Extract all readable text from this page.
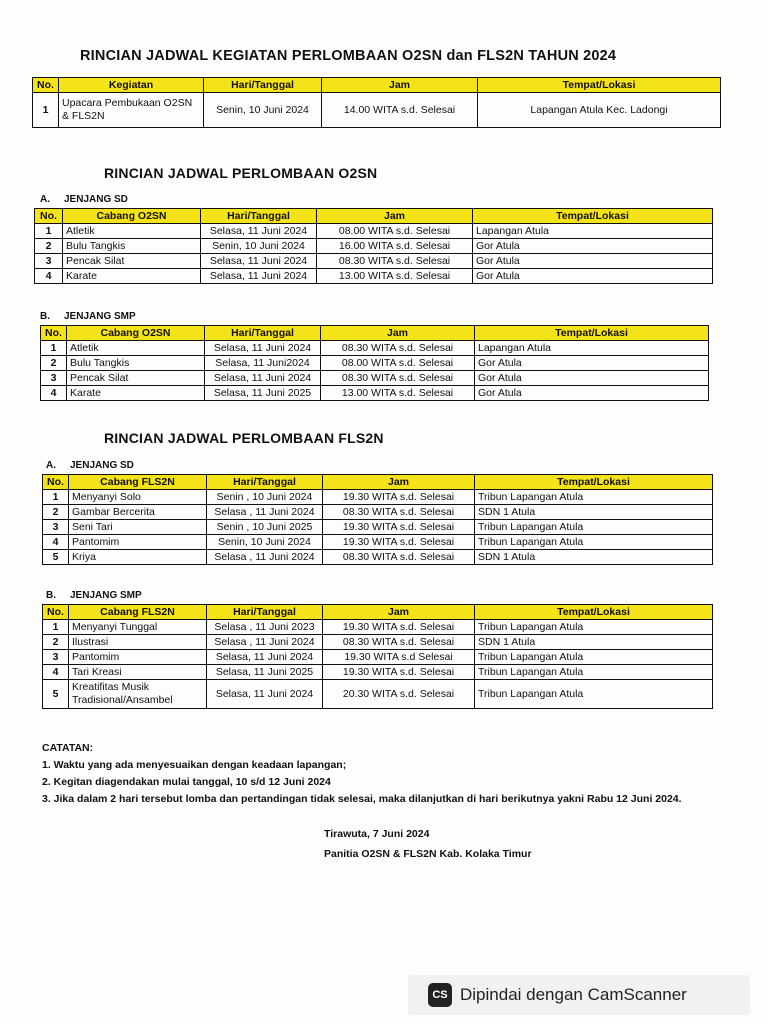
RINCIAN JADWAL KEGIATAN PERLOMBAAN O2SN dan FLS2N TAHUN 2024
No.	Kegiatan	Hari/Tanggal	Jam	Tempat/Lokasi
1	Upacara Pembukaan O2SN & FLS2N	Senin, 10 Juni 2024	14.00 WITA s.d. Selesai	Lapangan Atula Kec. Ladongi
RINCIAN JADWAL PERLOMBAAN O2SN
A. JENJANG SD
No.	Cabang O2SN	Hari/Tanggal	Jam	Tempat/Lokasi
1	Atletik	Selasa, 11 Juni 2024	08.00 WITA s.d. Selesai	Lapangan Atula
2	Bulu Tangkis	Senin, 10 Juni 2024	16.00 WITA s.d. Selesai	Gor Atula
3	Pencak Silat	Selasa, 11 Juni 2024	08.30 WITA s.d. Selesai	Gor Atula
4	Karate	Selasa, 11 Juni 2024	13.00 WITA s.d. Selesai	Gor Atula
B. JENJANG SMP
No.	Cabang O2SN	Hari/Tanggal	Jam	Tempat/Lokasi
1	Atletik	Selasa, 11 Juni 2024	08.30 WITA s.d. Selesai	Lapangan Atula
2	Bulu Tangkis	Selasa, 11 Juni2024	08.00 WITA s.d. Selesai	Gor Atula
3	Pencak Silat	Selasa, 11 Juni 2024	08.30 WITA s.d. Selesai	Gor Atula
4	Karate	Selasa, 11 Juni 2025	13.00 WITA s.d. Selesai	Gor Atula
RINCIAN JADWAL PERLOMBAAN FLS2N
A. JENJANG SD
No.	Cabang FLS2N	Hari/Tanggal	Jam	Tempat/Lokasi
1	Menyanyi Solo	Senin , 10 Juni 2024	19.30 WITA s.d. Selesai	Tribun Lapangan Atula
2	Gambar Bercerita	Selasa , 11 Juni 2024	08.30 WITA s.d. Selesai	SDN 1 Atula
3	Seni Tari	Senin , 10 Juni 2025	19.30 WITA s.d. Selesai	Tribun Lapangan Atula
4	Pantomim	Senin, 10 Juni 2024	19.30 WITA s.d. Selesai	Tribun Lapangan Atula
5	Kriya	Selasa , 11 Juni 2024	08.30 WITA s.d. Selesai	SDN 1 Atula
B. JENJANG SMP
No.	Cabang FLS2N	Hari/Tanggal	Jam	Tempat/Lokasi
1	Menyanyi Tunggal	Selasa , 11 Juni 2023	19.30 WITA s.d. Selesai	Tribun Lapangan Atula
2	Ilustrasi	Selasa , 11 Juni 2024	08.30 WITA s.d. Selesai	SDN 1 Atula
3	Pantomim	Selasa, 11 Juni 2024	19.30 WITA s.d Selesai	Tribun Lapangan Atula
4	Tari Kreasi	Selasa, 11 Juni 2025	19.30 WITA s.d. Selesai	Tribun Lapangan Atula
5	Kreatifitas Musik Tradisional/Ansambel	Selasa, 11 Juni 2024	20.30 WITA s.d. Selesai	Tribun Lapangan Atula
CATATAN:
1. Waktu yang ada menyesuaikan dengan keadaan lapangan;
2. Kegitan diagendakan mulai tanggal, 10 s/d 12 Juni 2024
3. Jika dalam 2 hari tersebut lomba dan pertandingan tidak selesai, maka dilanjutkan di hari berikutnya yakni Rabu 12 Juni 2024.
Tirawuta, 7 Juni 2024
Panitia O2SN & FLS2N Kab. Kolaka Timur
CS Dipindai dengan CamScanner
